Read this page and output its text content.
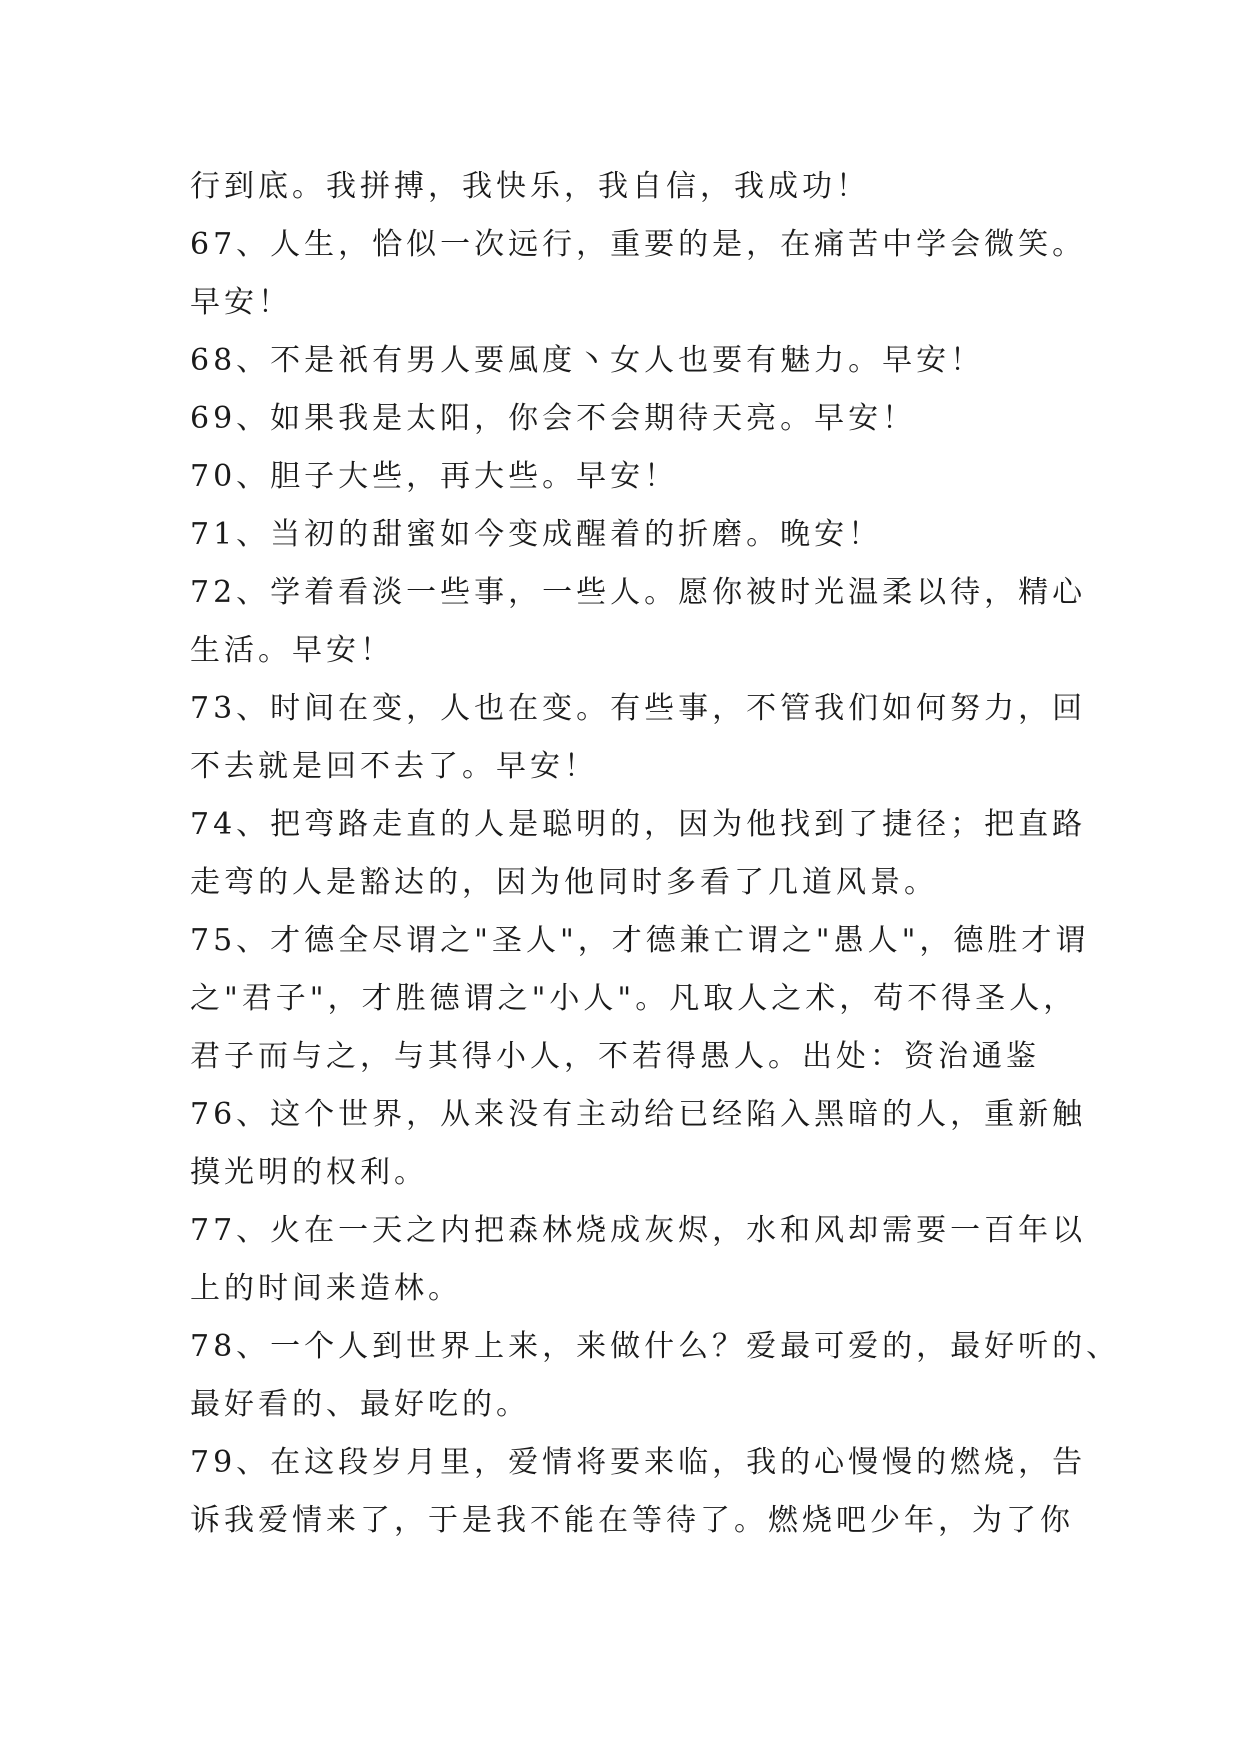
行到底。我拼搏，我快乐，我自信，我成功！
67、人生，恰似一次远行，重要的是，在痛苦中学会微笑。
早安！
68、不是祇有男人要風度丶女人也要有魅力。早安！
69、如果我是太阳，你会不会期待天亮。早安！
70、胆子大些，再大些。早安！
71、当初的甜蜜如今变成醒着的折磨。晚安！
72、学着看淡一些事，一些人。愿你被时光温柔以待，精心
生活。早安！
73、时间在变，人也在变。有些事，不管我们如何努力，回
不去就是回不去了。早安！
74、把弯路走直的人是聪明的，因为他找到了捷径；把直路
走弯的人是豁达的，因为他同时多看了几道风景。
75、才德全尽谓之"圣人"，才德兼亡谓之"愚人"，德胜才谓
之"君子"，才胜德谓之"小人"。凡取人之术，苟不得圣人，
君子而与之，与其得小人，不若得愚人。出处：资治通鉴
76、这个世界，从来没有主动给已经陷入黑暗的人，重新触
摸光明的权利。
77、火在一天之内把森林烧成灰烬，水和风却需要一百年以
上的时间来造林。
78、一个人到世界上来，来做什么？爱最可爱的，最好听的、
最好看的、最好吃的。
79、在这段岁月里，爱情将要来临，我的心慢慢的燃烧，告
诉我爱情来了，于是我不能在等待了。燃烧吧少年，为了你
